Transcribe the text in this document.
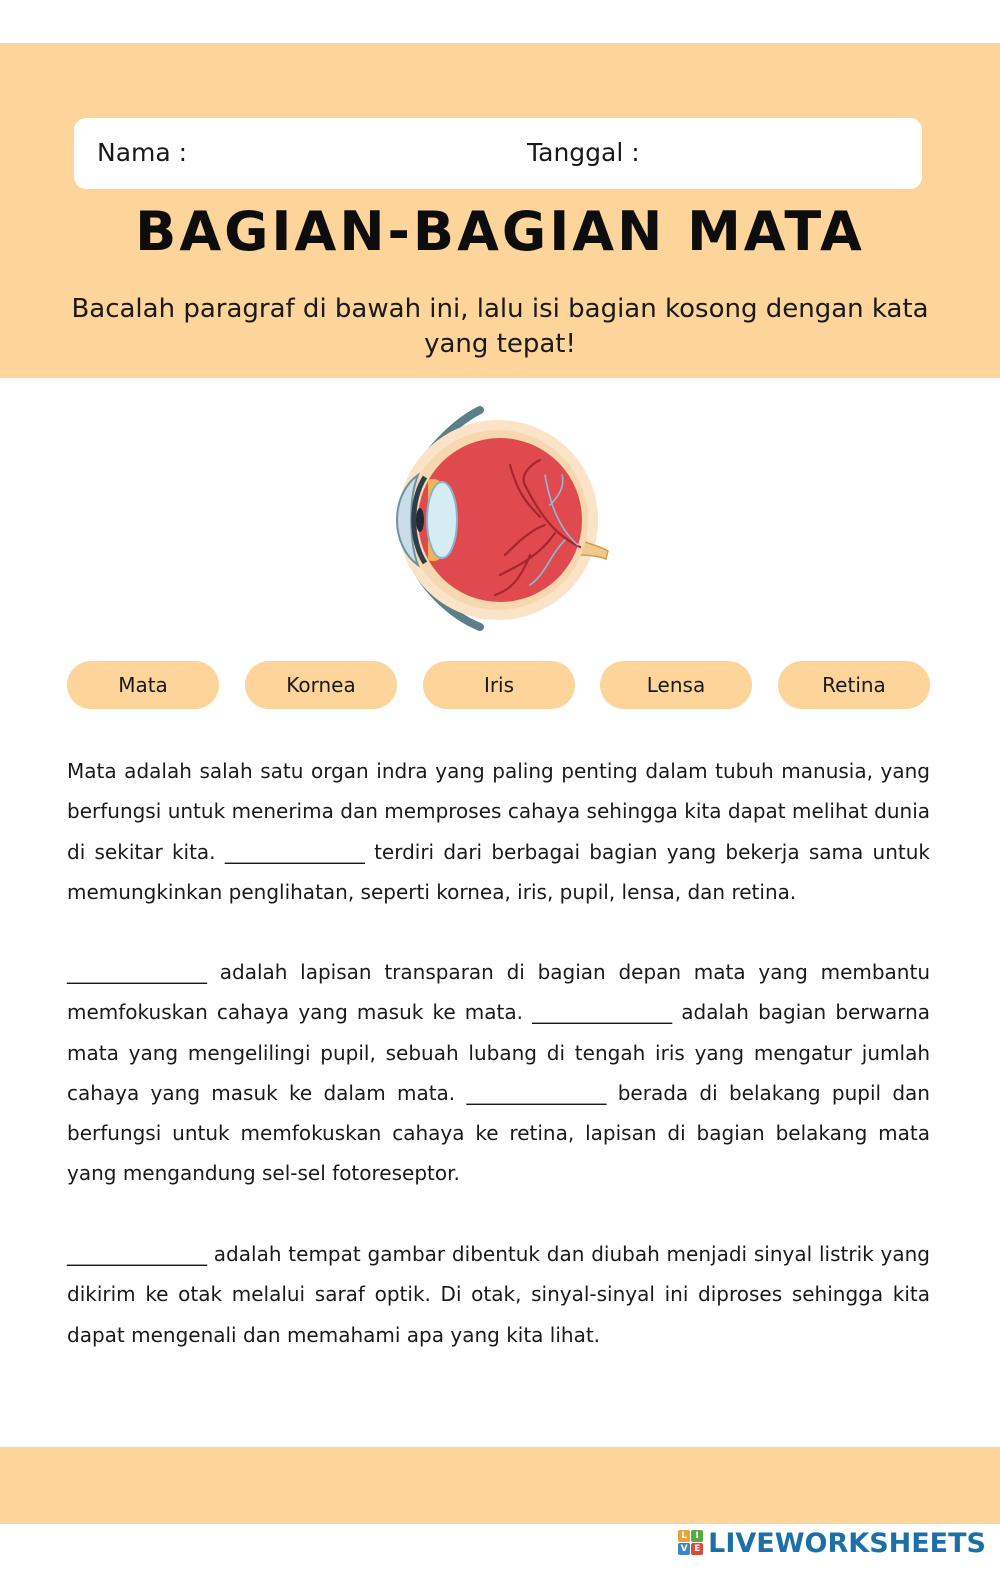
Nama :	Tanggal :
BAGIAN-BAGIAN MATA
Bacalah paragraf di bawah ini, lalu isi bagian kosong dengan kata yang tepat!
Mata	Kornea	Iris	Lensa	Retina

Mata adalah salah satu organ indra yang paling penting dalam tubuh manusia, yang berfungsi untuk menerima dan memproses cahaya sehingga kita dapat melihat dunia di sekitar kita. ______________ terdiri dari berbagai bagian yang bekerja sama untuk memungkinkan penglihatan, seperti kornea, iris, pupil, lensa, dan retina.

______________ adalah lapisan transparan di bagian depan mata yang membantu memfokuskan cahaya yang masuk ke mata. ______________ adalah bagian berwarna mata yang mengelilingi pupil, sebuah lubang di tengah iris yang mengatur jumlah cahaya yang masuk ke dalam mata. ______________ berada di belakang pupil dan berfungsi untuk memfokuskan cahaya ke retina, lapisan di bagian belakang mata yang mengandung sel-sel fotoreseptor.

______________ adalah tempat gambar dibentuk dan diubah menjadi sinyal listrik yang dikirim ke otak melalui saraf optik. Di otak, sinyal-sinyal ini diproses sehingga kita dapat mengenali dan memahami apa yang kita lihat.

L I
V E LIVEWORKSHEETS
